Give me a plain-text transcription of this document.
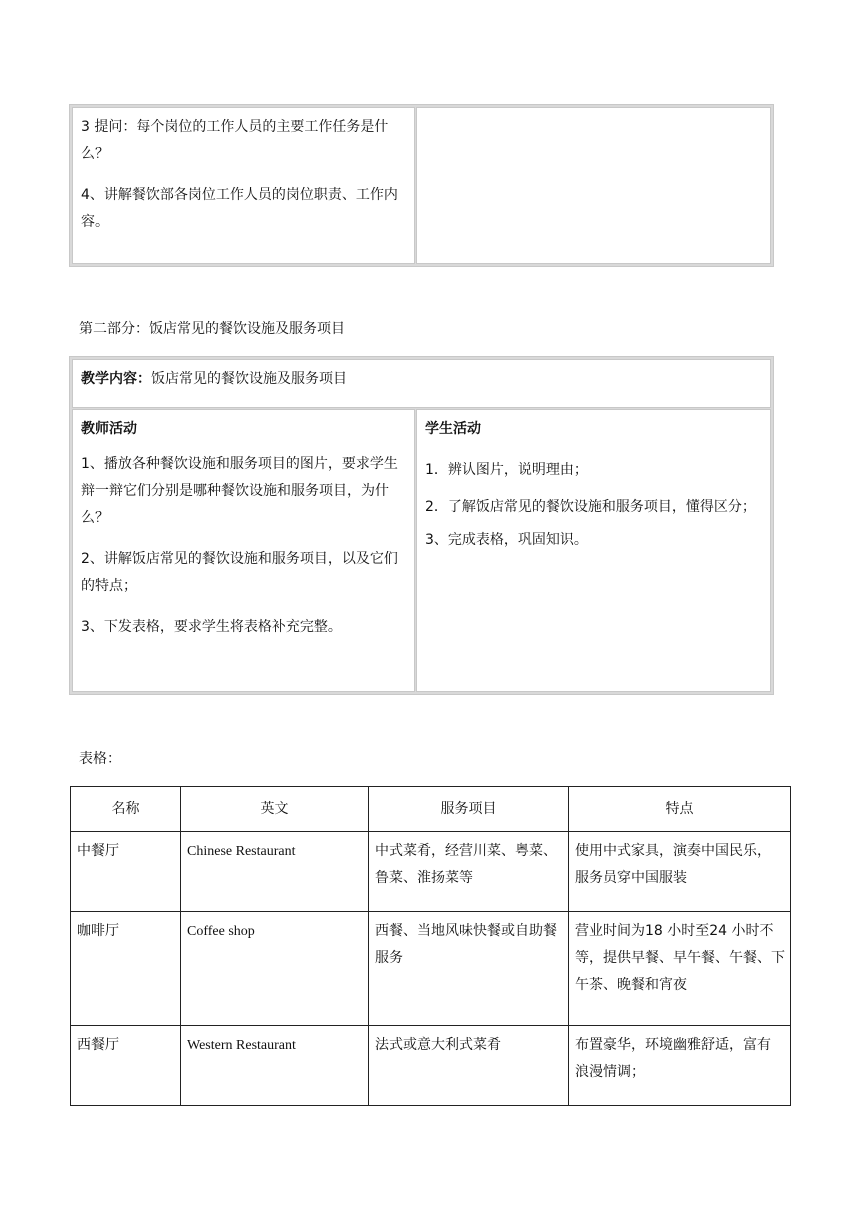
3 提问：每个岗位的工作人员的主要工作任务是什么？

4、讲解餐饮部各岗位工作人员的岗位职责、工作内容。

第二部分：饭店常见的餐饮设施及服务项目

教学内容：饭店常见的餐饮设施及服务项目

教师活动

1、播放各种餐饮设施和服务项目的图片，要求学生辩一辩它们分别是哪种餐饮设施和服务项目，为什么？

2、讲解饭店常见的餐饮设施和服务项目，以及它们的特点；

3、下发表格，要求学生将表格补充完整。

学生活动

1．辨认图片，说明理由；

2．了解饭店常见的餐饮设施和服务项目，懂得区分；

3、完成表格，巩固知识。

表格：

名称	英文	服务项目	特点
中餐厅	Chinese Restaurant	中式菜肴，经营川菜、粤菜、鲁菜、淮扬菜等	使用中式家具，演奏中国民乐，服务员穿中国服装
咖啡厅	Coffee shop	西餐、当地风味快餐或自助餐服务	营业时间为18 小时至24 小时不等，提供早餐、早午餐、午餐、下午茶、晚餐和宵夜
西餐厅	Western Restaurant	法式或意大利式菜肴	布置豪华，环境幽雅舒适，富有浪漫情调；
